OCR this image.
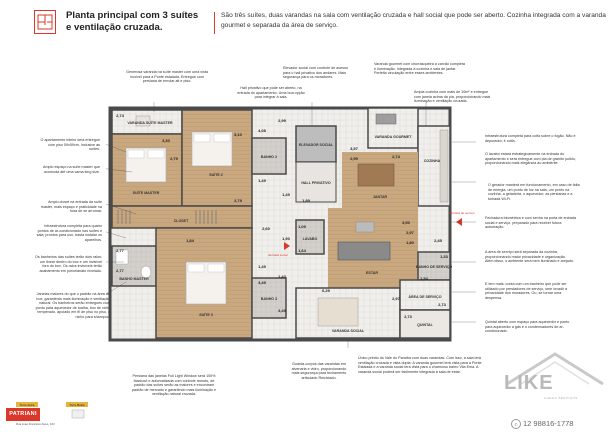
Planta principal com 3 suítes e ventilação cruzada.
São três suítes, duas varandas na sala com ventilação cruzada e hall social que pode ser aberto. Cozinha integrada com a varanda gourmet e separada da área de serviço.
Generosa varanda na suíte master com uma vista incrível para a Ponte estaiada. Entregue com persiana de enrolar alt e piso.
O apartamento inteiro será entregue com piso 59x59cm, inclusive as suítes.
Amplo espaço na suíte master que acomoda até uma cama king size.
Amplo closet na entrada da suíte master, mais espaço e praticidade na hora de se arrumar.
Infraestrutura completa para quatro pontos de ar-condicionado nas suítes e sala, prontos para uso, basta instalar os aparelhos.
Os banheiros das suítes terão dois ralos: um linear dentro do box e um invisível fora do box. Os ralos invisíveis terão acabamento em porcelanato nivelado.
Janelas maiores do que o padrão na área do box, garantindo mais iluminação e ventilação natural. Os banheiros serão entregues com ponto para aquecedor de toalha, box de vidro temperado, apoiado em fil de piso no piso, e nicho para shampoo.
Persiana das janelas Full Light Window será 100% blackout e automatizada com controle remoto, de padrão das suítes serão as maiores e encontram padrão de mercado e garantindo mais iluminação e ventilação natural cruzada.
Elevador social com controle de acesso para o hall privativo dos andares. Mais segurança para os moradores.
Hall privativo que pode ser aberto, na entrada do apartamento. Uma boa opção para integrar à sala.
Varanda gourmet com churrasqueira a carvão completa e iluminação. Integrada à cozinha e sala de jantar. Perfeita circulação entre esses ambientes.
Ampla cozinha com mais de 10m² e entregue com janela acima da pia, proporcionando mais iluminação e ventilação cruzada.
Guarda-corpos das varandas em alvenaria e vidro, proporcionando mais segurança para fechamento articulado Reiciclado.
Único prédio do Vale do Paraíba com duas varandas. Com isso, a sala terá ventilação cruzada e vista dupla: A varanda gourmet terá vista para a Ponte Estaiada e a varanda social terá vista para o charmoso bairro Vila Ema. A varanda social poderá ser facilmente integrada à sala de estar.
Infraestrutura completa para coifa sobre o fogão. Não é depurador, é coifa.
O lavabo estará estrategicamente na entrada do apartamento e será entregue com pia de granito polido, proporcionando mais elegância ao ambiente.
O gerador manterá em funcionamento, em caso de falta de energia, um ponto de luz na sala, um ponto na cozinha, a geladeira, o aquecedor, as persianas e a tomada Wi-Fi.
Fechadura biométrica e com senha na porta de entrada social e serviço, preparado para receber futura automação.
A área de serviço será separada da cozinha, proporcionando maior privacidade e organização. Além disso, o ambiente será bem iluminado e arejado.
E tem mais: conta com um banheiro que pode ser utilizado por prestadores de serviço, sem invadir a privacidade dos moradores. Ou, se tornar uma despensa.
Quintal aberto com espaço para aquecedor e ponto para aquecedor a gás e o condensadores de ar-condicionado.
VARANDA SUÍTE MASTER
SUÍTE MASTER
CLOSET
SUÍTE 2
BANHO 2
ELEVADOR SOCIAL
HALL PRIVATIVO
VARANDA GOURMET
COZINHA
JANTAR
ESTAR
LAVABO
BANHO MASTER
SUÍTE 3
BANHO 3
VARANDA SOCIAL
BANHO DE SERVIÇO
ÁREA DE SERVIÇO
QUINTAL
Entrada de serviço
Entrada social
2,74
3,30
2,79
3,10
1,49
2,99
4,08
1,49
2,74
3,57
2,99
1,89
1,84
1,09
1,64
2,77
2,77
2,60
1,90
2,97
1,80
3,50
2,45
1,33
1,54
2,73
2,73
1,49
3,49
1,43
3,49
6,29
2,97
2,79
Torre Apira	Torre Belita
Rua Joao Francisco Alves, 163
PATRIANI
LIKE
CHEGA SERVIÇOS
✆ 12 98816-1778
